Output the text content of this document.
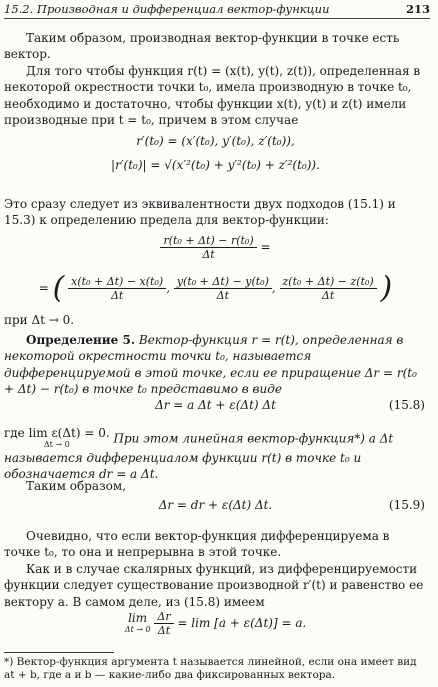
15.2. Производная и дифференциал вектор-функции	213
Таким образом, производная вектор-функции в точке есть вектор.
Для того чтобы функция r(t) = (x(t), y(t), z(t)), определенная в некоторой окрестности точки t₀, имела производную в точке t₀, необходимо и достаточно, чтобы функции x(t), y(t) и z(t) имели производные при t = t₀, причем в этом случае
r′(t₀) = (x′(t₀), y′(t₀), z′(t₀)),
|r′(t₀)| = √(x′²(t₀) + y′²(t₀) + z′²(t₀)).
Это сразу следует из эквивалентности двух подходов (15.1) и 15.3) к определению предела для вектор-функции:
$\frac{\text{r(t₀ + Δt) − r(t₀)}}{\Delta t}$ =
= ( $\frac{\text{x(t₀ + Δt) − x(t₀)}}{\Delta t}$ , $\frac{\text{y(t₀ + Δt) − y(t₀)}}{\Delta t}$ , $\frac{\text{z(t₀ + Δt) − z(t₀)}}{\Delta t}$ )
при Δt → 0.
Определение 5. Вектор-функция r = r(t), определенная в некоторой окрестности точки t₀, называется дифференцируемой в этой точке, если ее приращение Δr = r(t₀ + Δt) − r(t₀) в точке t₀ представимо в виде
Δr = a Δt + ε(Δt) Δt	(15.8)
где lim ε(Δt) = 0.
Δt → 0	При этом линейная вектор-функция*) a Δt называется дифференциалом функции r(t) в точке t₀ и обозначается dr = a Δt.
Таким образом,
Δr = dr + ε(Δt) Δt.	(15.9)
Очевидно, что если вектор-функция дифференцируема в точке t₀, то она и непрерывна в этой точке.
Как и в случае скалярных функций, из дифференцируемости функции следует существование производной r′(t) и равенство ее вектору a. В самом деле, из (15.8) имеем
lim
Δt → 0
$\frac{\Delta r}{\Delta t} = \lim [a + \varepsilon(\Delta t)] = a$.
*) Вектор-функция аргумента t называется линейной, если она имеет вид at + b, где a и b — какие-либо два фиксированных вектора.
